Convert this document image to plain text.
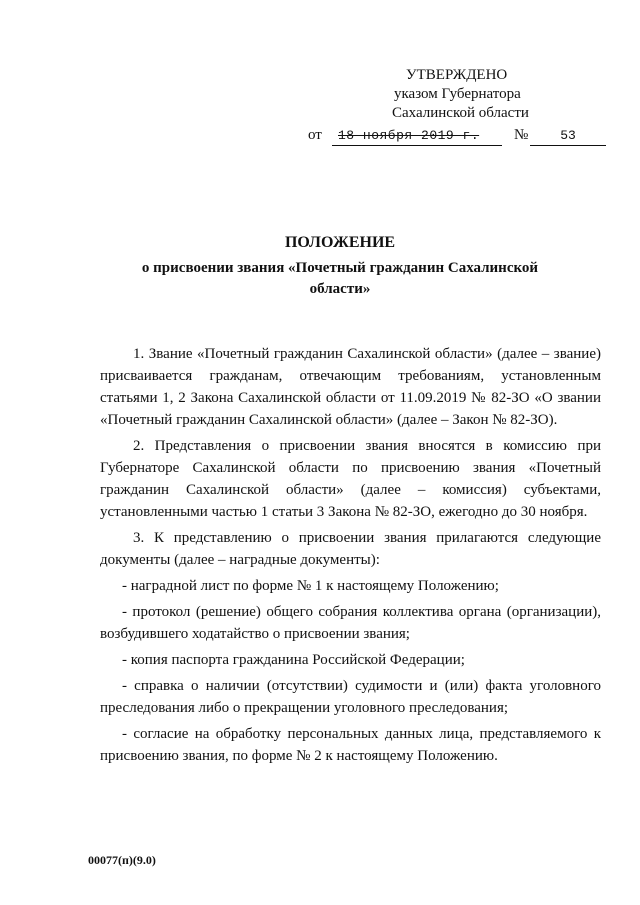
УТВЕРЖДЕНО
указом Губернатора
Сахалинской области
от	18 ноября 2019 г.	№	53
ПОЛОЖЕНИЕ
о присвоении звания «Почетный гражданин Сахалинской области»

1. Звание «Почетный гражданин Сахалинской области» (далее – звание) присваивается гражданам, отвечающим требованиям, установленным статьями 1, 2 Закона Сахалинской области от 11.09.2019 № 82-ЗО «О звании «Почетный гражданин Сахалинской области» (далее – Закон № 82-ЗО).

2. Представления о присвоении звания вносятся в комиссию при Губернаторе Сахалинской области по присвоению звания «Почетный гражданин Сахалинской области» (далее – комиссия) субъектами, установленными частью 1 статьи 3 Закона № 82-ЗО, ежегодно до 30 ноября.

3. К представлению о присвоении звания прилагаются следующие документы (далее – наградные документы):

- наградной лист по форме № 1 к настоящему Положению;

- протокол (решение) общего собрания коллектива органа (организации), возбудившего ходатайство о присвоении звания;

- копия паспорта гражданина Российской Федерации;

- справка о наличии (отсутствии) судимости и (или) факта уголовного преследования либо о прекращении уголовного преследования;

- согласие на обработку персональных данных лица, представляемого к присвоению звания, по форме № 2 к настоящему Положению.

00077(п)(9.0)
